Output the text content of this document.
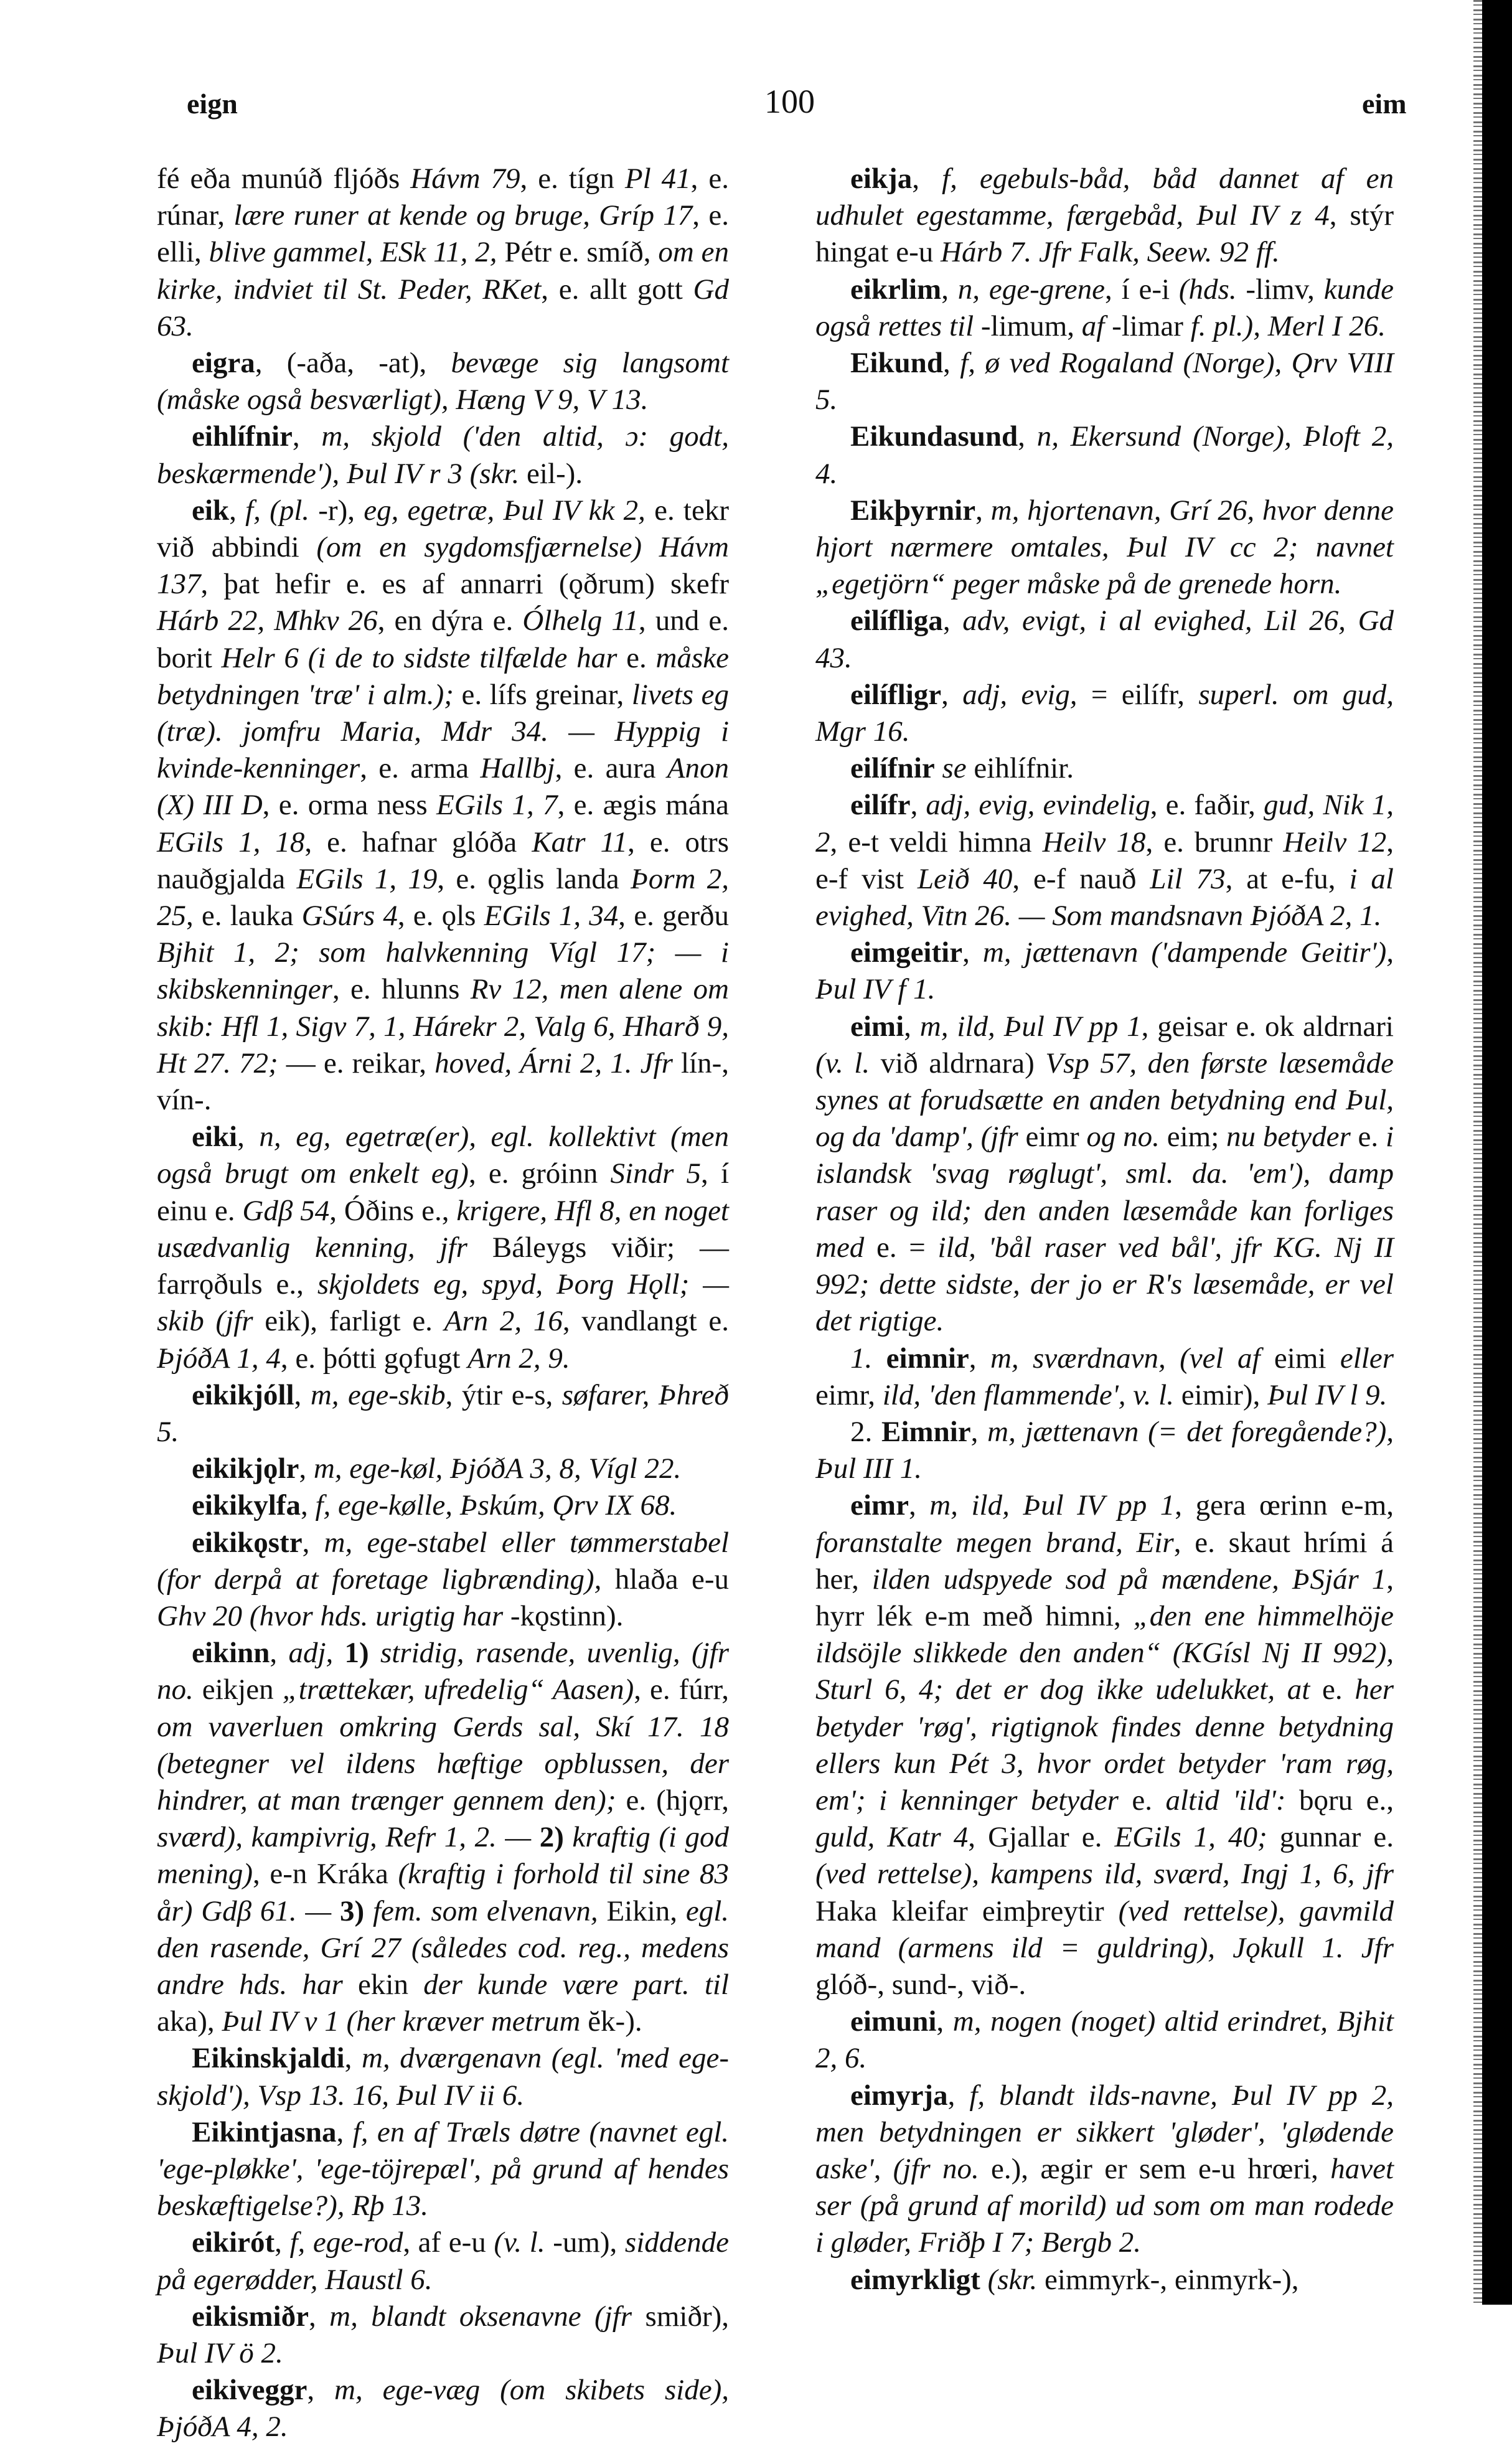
eign	100	eim

fé eða munúð fljóðs Hávm 79, e. tígn Pl 41, e. rúnar, lære runer at kende og bruge, Gríp 17, e. elli, blive gammel, ESk 11, 2, Pétr e. smíð, om en kirke, indviet til St. Peder, RKet, e. allt gott Gd 63.

eigra, (-aða, -at), bevæge sig langsomt (måske også besværligt), Hæng V 9, V 13.

eihlífnir, m, skjold ('den altid, ɔ: godt, beskærmende'), Þul IV r 3 (skr. eil-).

eik, f, (pl. -r), eg, egetræ, Þul IV kk 2, e. tekr við abbindi (om en sygdomsfjærnelse) Hávm 137, þat hefir e. es af annarri (ǫðrum) skefr Hárb 22, Mhkv 26, en dýra e. Ólhelg 11, und e. borit Helr 6 (i de to sidste tilfælde har e. måske betydningen 'træ' i alm.); e. lífs greinar, livets eg (træ). jomfru Maria, Mdr 34. — Hyppig i kvinde-kenninger, e. arma Hallbj, e. aura Anon (X) III D, e. orma ness EGils 1, 7, e. ægis mána EGils 1, 18, e. hafnar glóða Katr 11, e. otrs nauðgjalda EGils 1, 19, e. ǫglis landa Þorm 2, 25, e. lauka GSúrs 4, e. ǫls EGils 1, 34, e. gerðu Bjhit 1, 2; som halvkenning Vígl 17; — i skibskenninger, e. hlunns Rv 12, men alene om skib: Hfl 1, Sigv 7, 1, Hárekr 2, Valg 6, Hharð 9, Ht 27. 72; — e. reikar, hoved, Árni 2, 1. Jfr lín-, vín-.

eiki, n, eg, egetræ(er), egl. kollektivt (men også brugt om enkelt eg), e. gróinn Sindr 5, í einu e. Gdβ 54, Óðins e., krigere, Hfl 8, en noget usædvanlig kenning, jfr Báleygs viðir; — farrǫðuls e., skjoldets eg, spyd, Þorg Hǫll; — skib (jfr eik), farligt e. Arn 2, 16, vandlangt e. ÞjóðA 1, 4, e. þótti gǫfugt Arn 2, 9.

eikikjóll, m, ege-skib, ýtir e-s, søfarer, Þhreð 5.

eikikjǫlr, m, ege-køl, ÞjóðA 3, 8, Vígl 22.

eikikylfa, f, ege-kølle, Þskúm, Ǫrv IX 68.

eikikǫstr, m, ege-stabel eller tømmerstabel (for derpå at foretage ligbrænding), hlaða e-u Ghv 20 (hvor hds. urigtig har -kǫstinn).

eikinn, adj, 1) stridig, rasende, uvenlig, (jfr no. eikjen „trættekær, ufredelig“ Aasen), e. fúrr, om vaverluen omkring Gerds sal, Skí 17. 18 (betegner vel ildens hæftige opblussen, der hindrer, at man trænger gennem den); e. (hjǫrr, sværd), kampivrig, Refr 1, 2. — 2) kraftig (i god mening), e-n Kráka (kraftig i forhold til sine 83 år) Gdβ 61. — 3) fem. som elvenavn, Eikin, egl. den rasende, Grí 27 (således cod. reg., medens andre hds. har ekin der kunde være part. til aka), Þul IV v 1 (her kræver metrum ĕk-).

Eikinskjaldi, m, dværgenavn (egl. 'med ege-skjold'), Vsp 13. 16, Þul IV ii 6.

Eikintjasna, f, en af Træls døtre (navnet egl. 'ege-pløkke', 'ege-töjrepæl', på grund af hendes beskæftigelse?), Rþ 13.

eikirót, f, ege-rod, af e-u (v. l. -um), siddende på egerødder, Haustl 6.

eikismiðr, m, blandt oksenavne (jfr smiðr), Þul IV ö 2.

eikiveggr, m, ege-væg (om skibets side), ÞjóðA 4, 2.

eikja, f, egebuls-båd, båd dannet af en udhulet egestamme, færgebåd, Þul IV z 4, stýr hingat e-u Hárb 7. Jfr Falk, Seew. 92 ff.

eikrlim, n, ege-grene, í e-i (hds. -limv, kunde også rettes til -limum, af -limar f. pl.), Merl I 26.

Eikund, f, ø ved Rogaland (Norge), Ǫrv VIII 5.

Eikundasund, n, Ekersund (Norge), Þloft 2, 4.

Eikþyrnir, m, hjortenavn, Grí 26, hvor denne hjort nærmere omtales, Þul IV cc 2; navnet „egetjörn“ peger måske på de grenede horn.

eilífliga, adv, evigt, i al evighed, Lil 26, Gd 43.

eilífligr, adj, evig, = eilífr, superl. om gud, Mgr 16.

eilífnir se eihlífnir.

eilífr, adj, evig, evindelig, e. faðir, gud, Nik 1, 2, e-t veldi himna Heilv 18, e. brunnr Heilv 12, e-f vist Leið 40, e-f nauð Lil 73, at e-fu, i al evighed, Vitn 26. — Som mandsnavn ÞjóðA 2, 1.

eimgeitir, m, jættenavn ('dampende Geitir'), Þul IV f 1.

eimi, m, ild, Þul IV pp 1, geisar e. ok aldrnari (v. l. við aldrnara) Vsp 57, den første læsemåde synes at forudsætte en anden betydning end Þul, og da 'damp', (jfr eimr og no. eim; nu betyder e. i islandsk 'svag røglugt', sml. da. 'em'), damp raser og ild; den anden læsemåde kan forliges med e. = ild, 'bål raser ved bål', jfr KG. Nj II 992; dette sidste, der jo er R's læsemåde, er vel det rigtige.

1. eimnir, m, sværdnavn, (vel af eimi eller eimr, ild, 'den flammende', v. l. eimir), Þul IV l 9.

2. Eimnir, m, jættenavn (= det foregående?), Þul III 1.

eimr, m, ild, Þul IV pp 1, gera œrinn e-m, foranstalte megen brand, Eir, e. skaut hrími á her, ilden udspyede sod på mændene, ÞSjár 1, hyrr lék e-m með himni, „den ene himmelhöje ildsöjle slikkede den anden“ (KGísl Nj II 992), Sturl 6, 4; det er dog ikke udelukket, at e. her betyder 'røg', rigtignok findes denne betydning ellers kun Pét 3, hvor ordet betyder 'ram røg, em'; i kenninger betyder e. altid 'ild': bǫru e., guld, Katr 4, Gjallar e. EGils 1, 40; gunnar e. (ved rettelse), kampens ild, sværd, Ingj 1, 6, jfr Haka kleifar eimþreytir (ved rettelse), gavmild mand (armens ild = guldring), Jǫkull 1. Jfr glóð-, sund-, við-.

eimuni, m, nogen (noget) altid erindret, Bjhit 2, 6.

eimyrja, f, blandt ilds-navne, Þul IV pp 2, men betydningen er sikkert 'gløder', 'glødende aske', (jfr no. e.), ægir er sem e-u hrœri, havet ser (på grund af morild) ud som om man rodede i gløder, Friðþ I 7; Bergb 2.

eimyrkligt (skr. eimmyrk-, einmyrk-),
